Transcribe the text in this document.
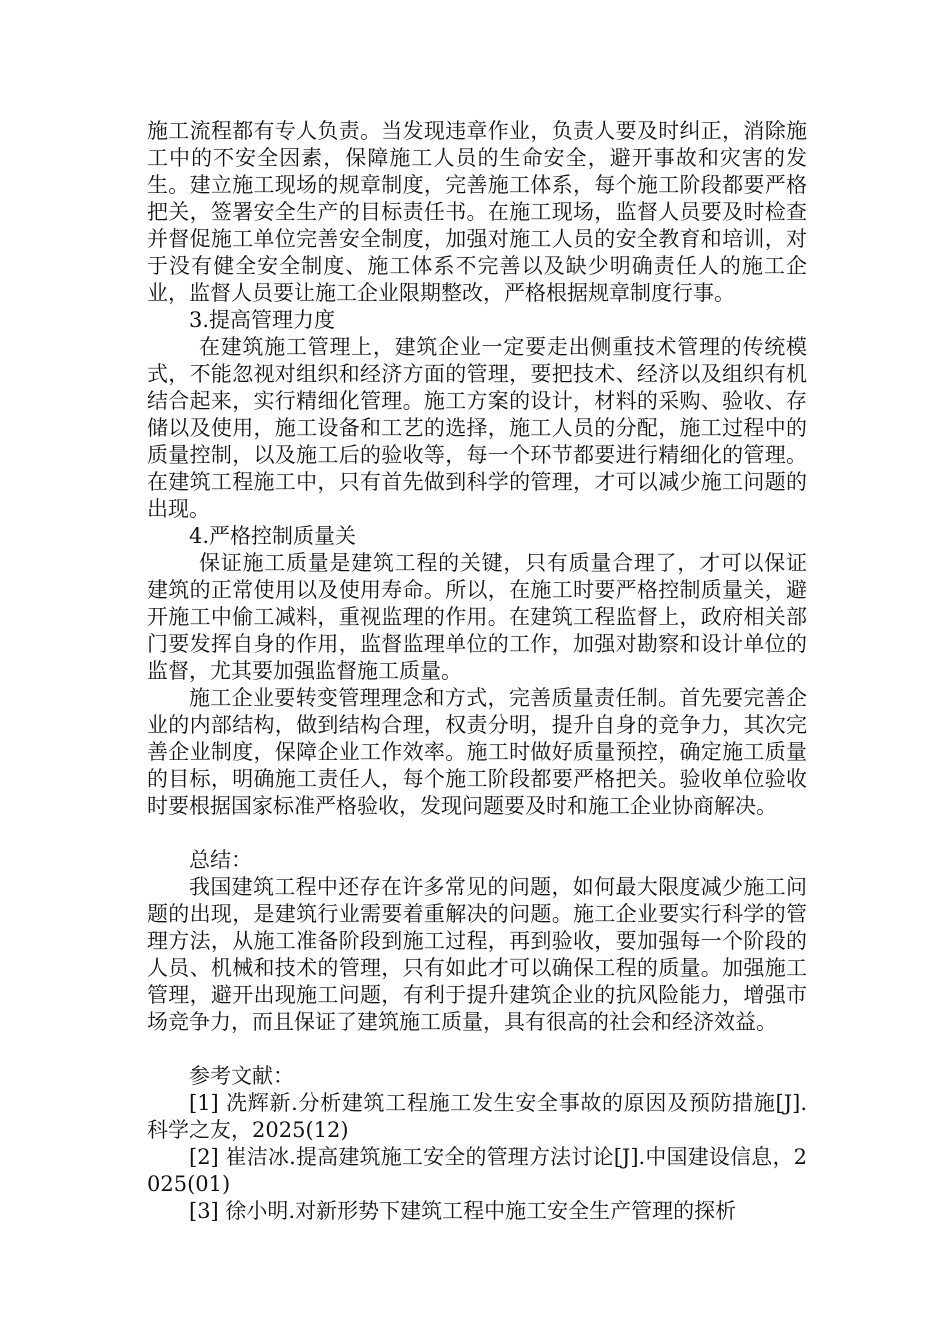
施工流程都有专人负责。当发现违章作业，负责人要及时纠正，消除施工中的不安全因素，保障施工人员的生命安全，避开事故和灾害的发生。建立施工现场的规章制度，完善施工体系，每个施工阶段都要严格把关，签署安全生产的目标责任书。在施工现场，监督人员要及时检查并督促施工单位完善安全制度，加强对施工人员的安全教育和培训，对于没有健全安全制度、施工体系不完善以及缺少明确责任人的施工企业，监督人员要让施工企业限期整改，严格根据规章制度行事。

3.提高管理力度

在建筑施工管理上，建筑企业一定要走出侧重技术管理的传统模式，不能忽视对组织和经济方面的管理，要把技术、经济以及组织有机结合起来，实行精细化管理。施工方案的设计，材料的采购、验收、存储以及使用，施工设备和工艺的选择，施工人员的分配，施工过程中的质量控制，以及施工后的验收等，每一个环节都要进行精细化的管理。在建筑工程施工中，只有首先做到科学的管理，才可以减少施工问题的出现。

4.严格控制质量关

保证施工质量是建筑工程的关键，只有质量合理了，才可以保证建筑的正常使用以及使用寿命。所以，在施工时要严格控制质量关，避开施工中偷工减料，重视监理的作用。在建筑工程监督上，政府相关部门要发挥自身的作用，监督监理单位的工作，加强对勘察和设计单位的监督，尤其要加强监督施工质量。

施工企业要转变管理理念和方式，完善质量责任制。首先要完善企业的内部结构，做到结构合理，权责分明，提升自身的竞争力，其次完善企业制度，保障企业工作效率。施工时做好质量预控，确定施工质量的目标，明确施工责任人，每个施工阶段都要严格把关。验收单位验收时要根据国家标准严格验收，发现问题要及时和施工企业协商解决。

总结：

我国建筑工程中还存在许多常见的问题，如何最大限度减少施工问题的出现，是建筑行业需要着重解决的问题。施工企业要实行科学的管理方法，从施工准备阶段到施工过程，再到验收，要加强每一个阶段的人员、机械和技术的管理，只有如此才可以确保工程的质量。加强施工管理，避开出现施工问题，有利于提升建筑企业的抗风险能力，增强市场竞争力，而且保证了建筑施工质量，具有很高的社会和经济效益。

参考文献：

[1] 冼辉新.分析建筑工程施工发生安全事故的原因及预防措施[J].科学之友，2025(12)

[2] 崔洁冰.提高建筑施工安全的管理方法讨论[J].中国建设信息，2025(01)

[3] 徐小明.对新形势下建筑工程中施工安全生产管理的探析
